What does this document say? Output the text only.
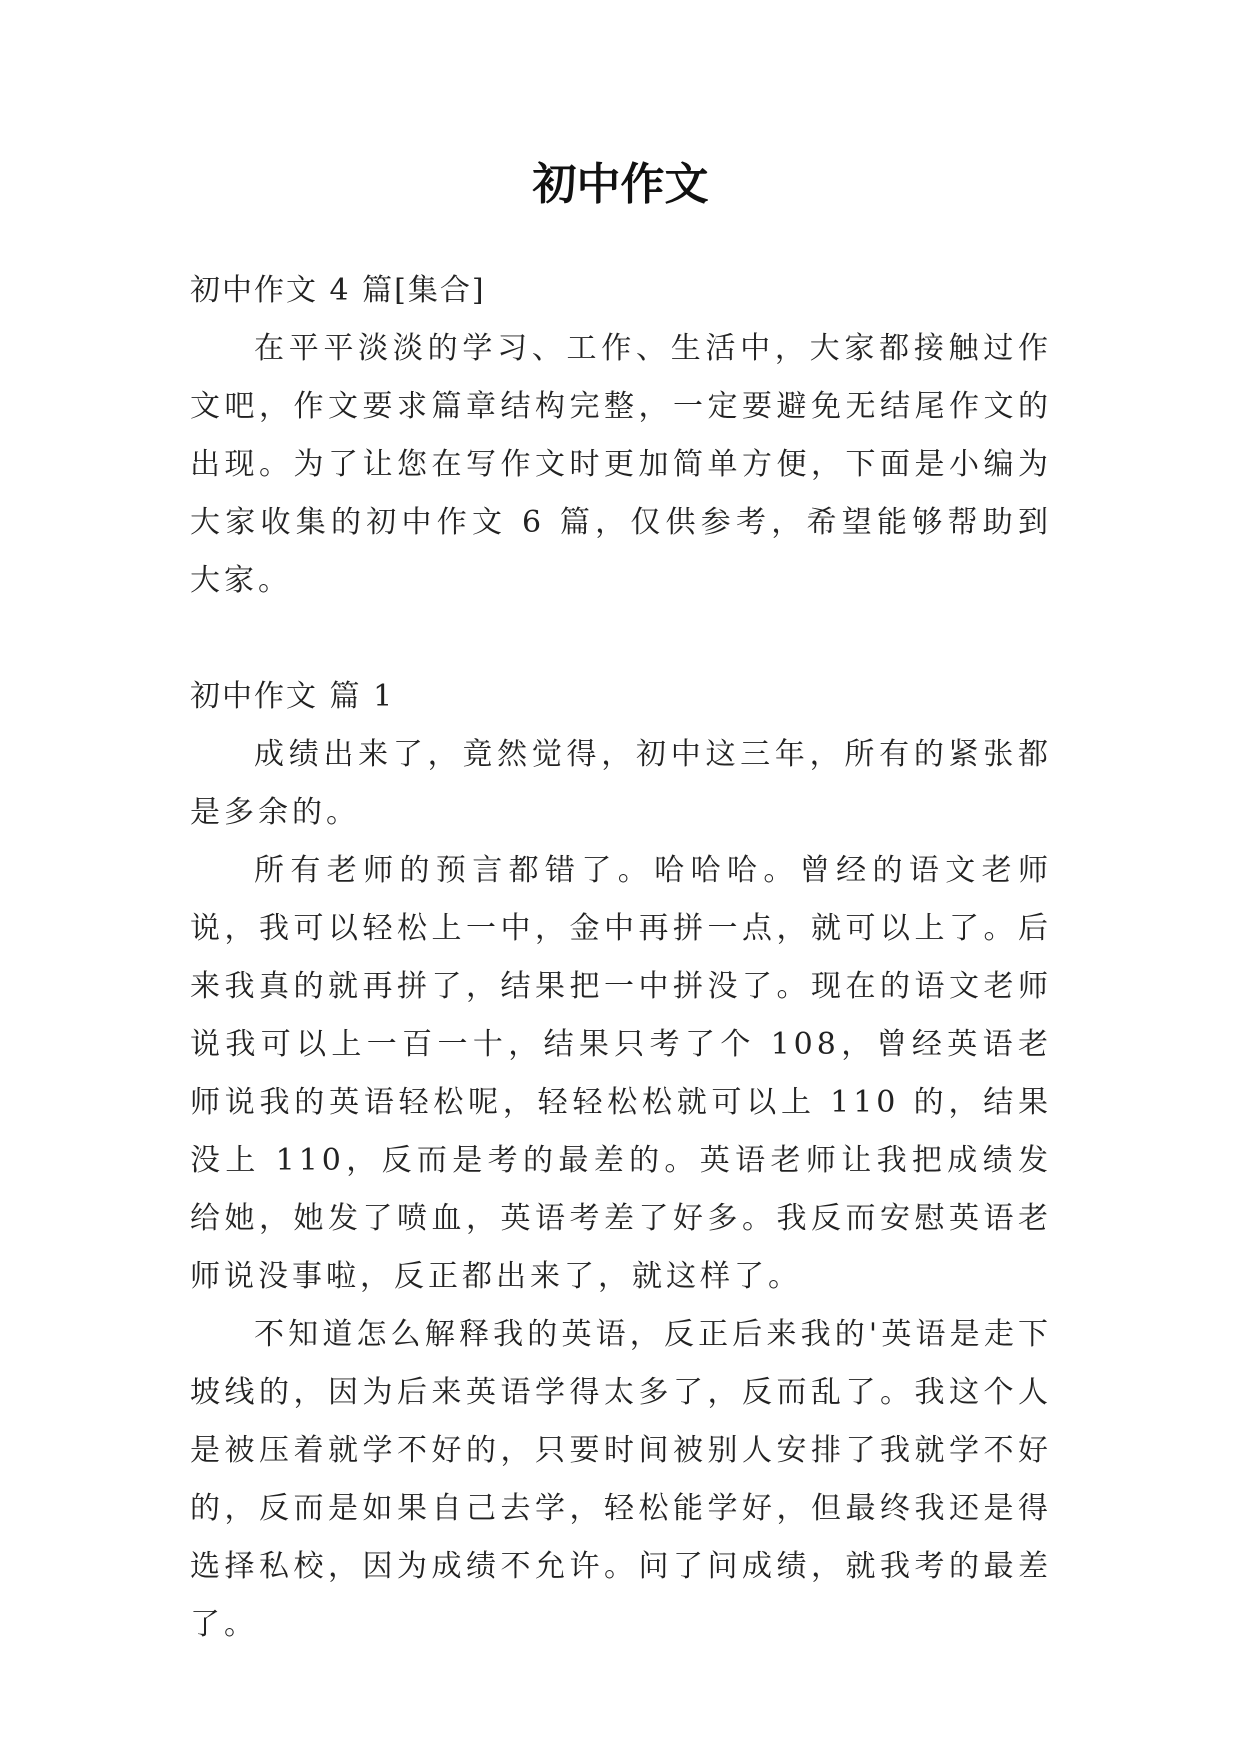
初中作文

初中作文 4 篇[集合]

在平平淡淡的学习、工作、生活中，大家都接触过作文吧，作文要求篇章结构完整，一定要避免无结尾作文的出现。为了让您在写作文时更加简单方便，下面是小编为大家收集的初中作文 6 篇，仅供参考，希望能够帮助到大家。

初中作文 篇 1

成绩出来了，竟然觉得，初中这三年，所有的紧张都是多余的。

所有老师的预言都错了。哈哈哈。曾经的语文老师说，我可以轻松上一中，金中再拼一点，就可以上了。后来我真的就再拼了，结果把一中拼没了。现在的语文老师说我可以上一百一十，结果只考了个 108，曾经英语老师说我的英语轻松呢，轻轻松松就可以上 110 的，结果没上 110，反而是考的最差的。英语老师让我把成绩发给她，她发了喷血，英语考差了好多。我反而安慰英语老师说没事啦，反正都出来了，就这样了。

不知道怎么解释我的英语，反正后来我的'英语是走下坡线的，因为后来英语学得太多了，反而乱了。我这个人是被压着就学不好的，只要时间被别人安排了我就学不好的，反而是如果自己去学，轻松能学好，但最终我还是得选择私校，因为成绩不允许。问了问成绩，就我考的最差了。
